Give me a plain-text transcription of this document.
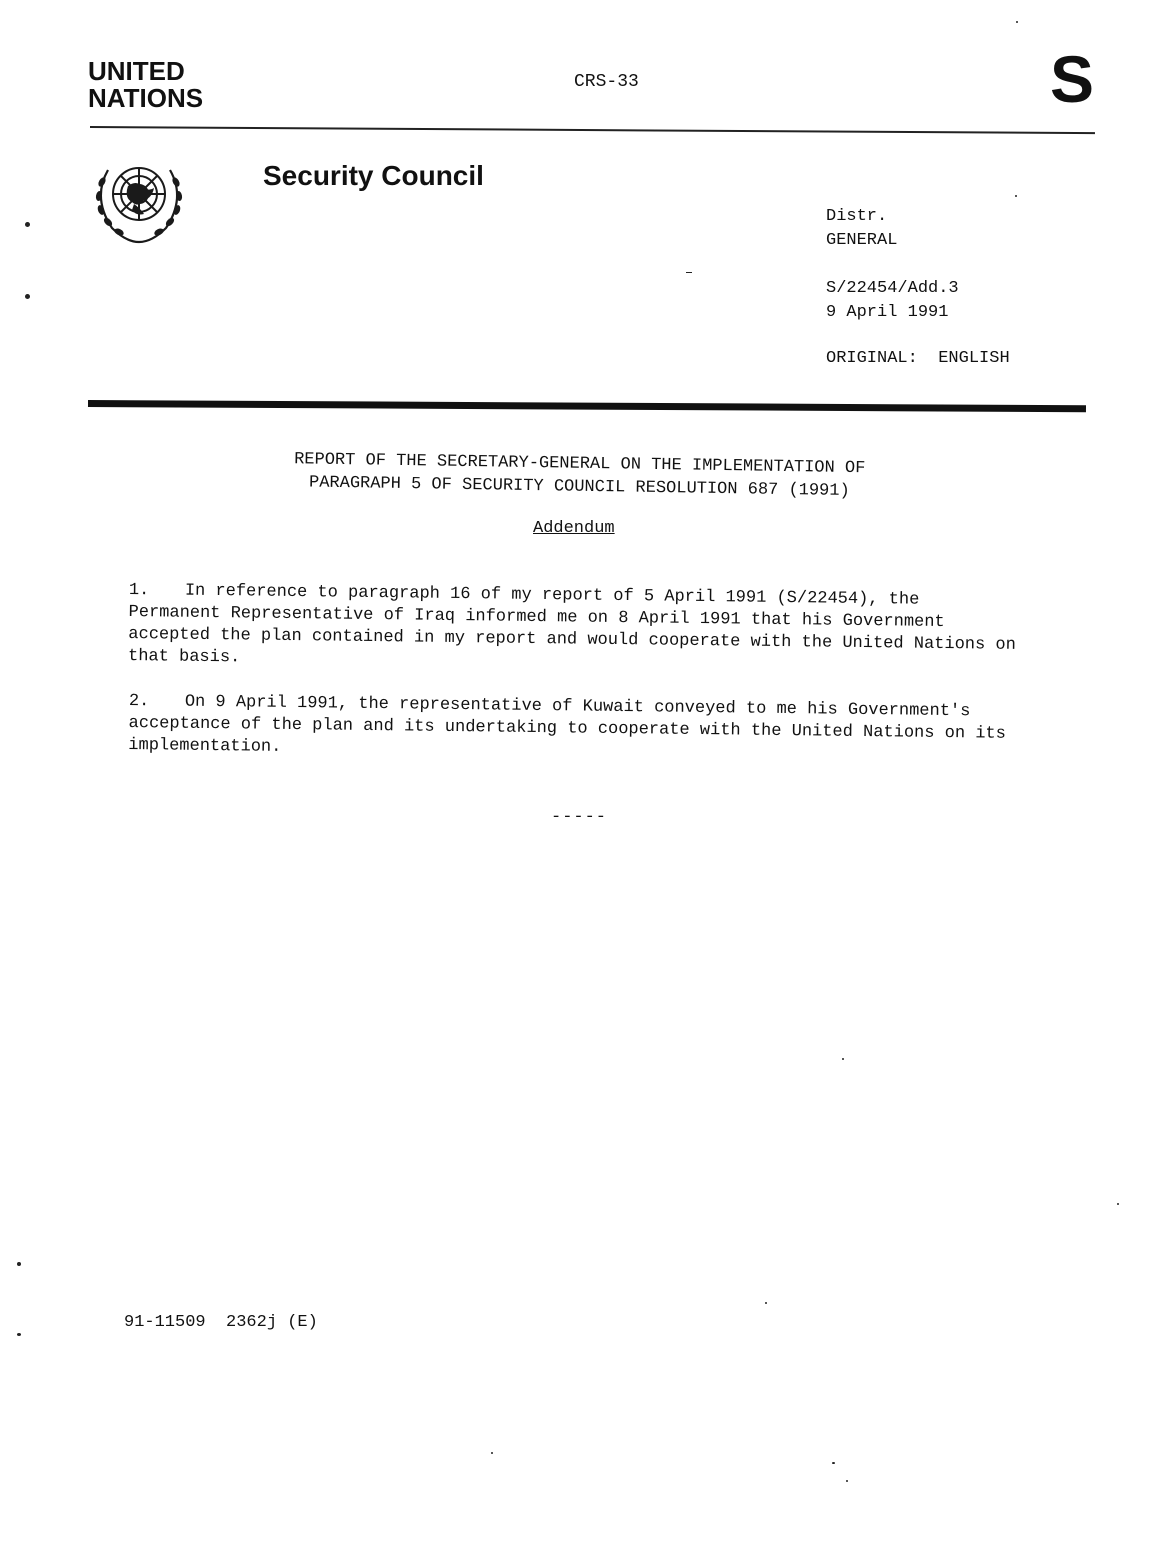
UNITED
NATIONS
CRS-33	S
Security Council
Distr.
GENERAL
S/22454/Add.3
9 April 1991
ORIGINAL: ENGLISH
REPORT OF THE SECRETARY-GENERAL ON THE IMPLEMENTATION OF
PARAGRAPH 5 OF SECURITY COUNCIL RESOLUTION 687 (1991)
Addendum
1. In reference to paragraph 16 of my report of 5 April 1991 (S/22454), the Permanent Representative of Iraq informed me on 8 April 1991 that his Government accepted the plan contained in my report and would cooperate with the United Nations on that basis.
2. On 9 April 1991, the representative of Kuwait conveyed to me his Government's acceptance of the plan and its undertaking to cooperate with the United Nations on its implementation.
-----
91-11509  2362j (E)
